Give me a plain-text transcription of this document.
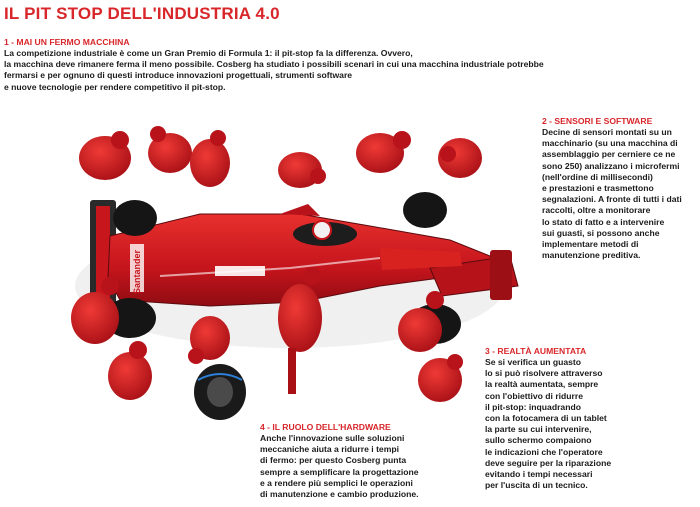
IL PIT STOP DELL'INDUSTRIA 4.0
1 - MAI UN FERMO MACCHINA
La competizione industriale è come un Gran Premio di Formula 1: il pit-stop fa la differenza. Ovvero,
la macchina deve rimanere ferma il meno possibile. Cosberg ha studiato i possibili scenari in cui una macchina industriale potrebbe
fermarsi e per ognuno di questi introduce innovazioni progettuali, strumenti software
e nuove tecnologie per rendere competitivo il pit-stop.
2 - SENSORI E SOFTWARE
Decine di sensori montati su un
macchinario (su una macchina di
assemblaggio per cerniere ce ne
sono 250) analizzano i microfermi
(nell'ordine di millisecondi)
e prestazioni e trasmettono
segnalazioni. A fronte di tutti i dati
raccolti, oltre a monitorare
lo stato di fatto e a intervenire
sui guasti, si possono anche
implementare metodi di
manutenzione preditiva.
3 - REALTÀ AUMENTATA
Se si verifica un guasto
lo si può risolvere attraverso
la realtà aumentata, sempre
con l'obiettivo di ridurre
il pit-stop: inquadrando
con la fotocamera di un tablet
la parte su cui intervenire,
sullo schermo compaiono
le indicazioni che l'operatore
deve seguire per la riparazione
evitando i tempi necessari
per l'uscita di un tecnico.
4 - IL RUOLO DELL'HARDWARE
Anche l'innovazione sulle soluzioni
meccaniche aiuta a ridurre i tempi
di fermo: per questo Cosberg punta
sempre a semplificare la progettazione
e a rendere più semplici le operazioni
di manutenzione e cambio produzione.
Santander
